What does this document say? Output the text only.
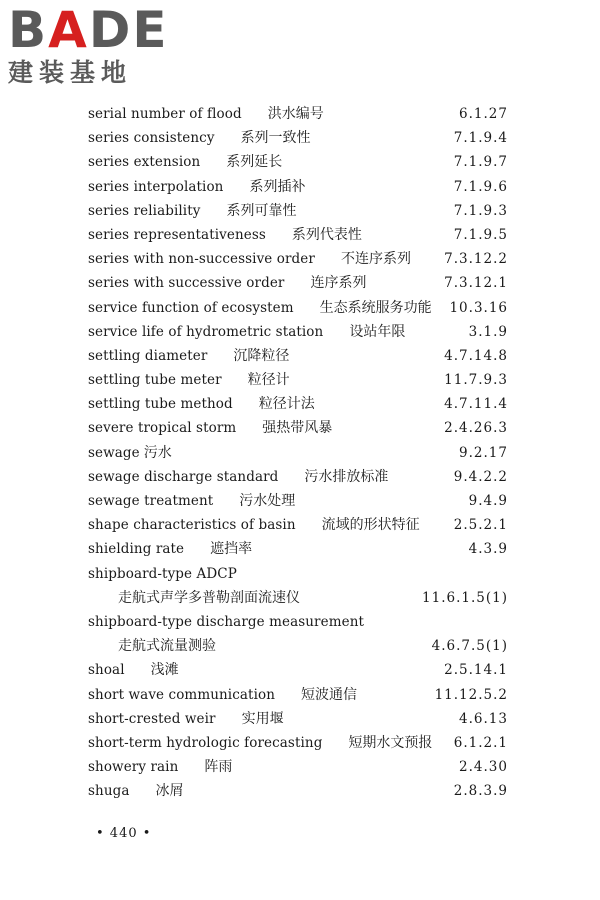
BADE
建装基地
serial number of flood 洪水编号	6.1.27
series consistency 系列一致性	7.1.9.4
series extension 系列延长	7.1.9.7
series interpolation 系列插补	7.1.9.6
series reliability 系列可靠性	7.1.9.3
series representativeness 系列代表性	7.1.9.5
series with non-successive order 不连序系列 7.3.12.2
series with successive order 连序系列	7.3.12.1
service function of ecosystem 生态系统服务功能 10.3.16
service life of hydrometric station 设站年限	3.1.9
settling diameter 沉降粒径	4.7.14.8
settling tube meter 粒径计	11.7.9.3
settling tube method 粒径计法	4.7.11.4
severe tropical storm 强热带风暴	2.4.26.3
sewage 污水	9.2.17
sewage discharge standard 污水排放标准	9.4.2.2
sewage treatment 污水处理	9.4.9
shape characteristics of basin 流域的形状特征	2.5.2.1
shielding rate 遮挡率	4.3.9
shipboard-type ADCP
走航式声学多普勒剖面流速仪	11.6.1.5(1)
shipboard-type discharge measurement
走航式流量测验	4.6.7.5(1)
shoal 浅滩	2.5.14.1
short wave communication 短波通信	11.12.5.2
short-crested weir 实用堰	4.6.13
short-term hydrologic forecasting 短期水文预报 6.1.2.1
showery rain 阵雨	2.4.30
shuga 冰屑	2.8.3.9
• 440 •
